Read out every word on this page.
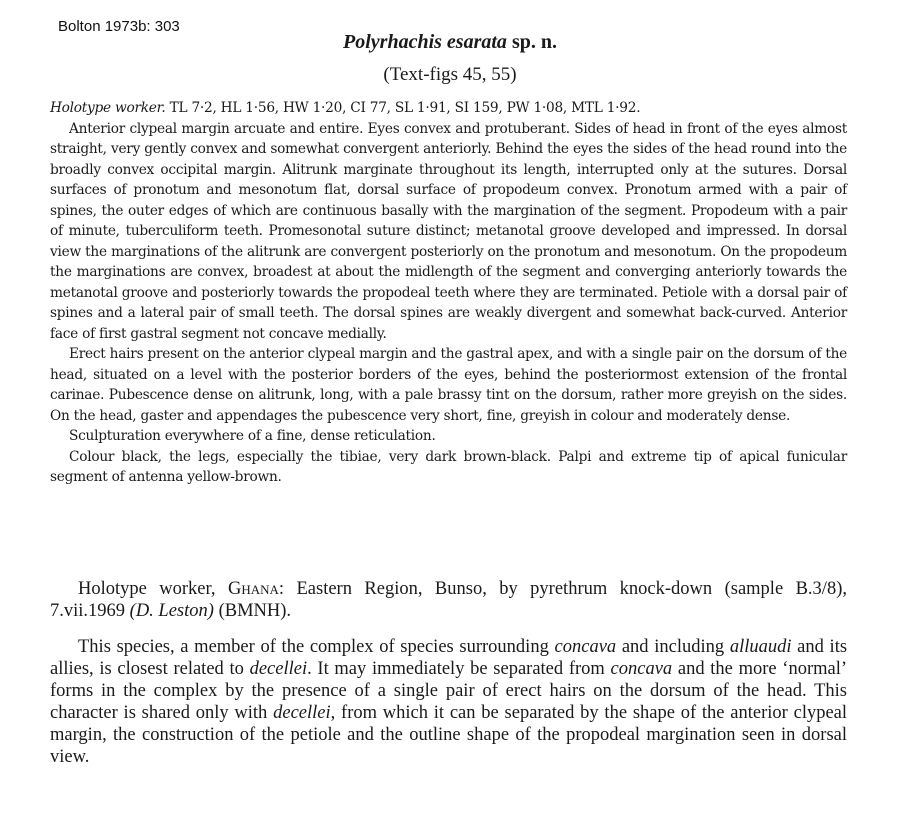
Bolton 1973b: 303
Polyrhachis esarata sp. n.
(Text-figs 45, 55)

Holotype worker. TL 7·2, HL 1·56, HW 1·20, CI 77, SL 1·91, SI 159, PW 1·08, MTL 1·92.

Anterior clypeal margin arcuate and entire. Eyes convex and protuberant. Sides of head in front of the eyes almost straight, very gently convex and somewhat convergent anteriorly. Behind the eyes the sides of the head round into the broadly convex occipital margin. Alitrunk marginate throughout its length, interrupted only at the sutures. Dorsal surfaces of pronotum and mesonotum flat, dorsal surface of propodeum convex. Pronotum armed with a pair of spines, the outer edges of which are continuous basally with the margination of the segment. Propodeum with a pair of minute, tuberculiform teeth. Promesonotal suture distinct; metanotal groove developed and impressed. In dorsal view the marginations of the alitrunk are convergent posteriorly on the pronotum and mesonotum. On the propodeum the marginations are convex, broadest at about the midlength of the segment and converging anteriorly towards the metanotal groove and posteriorly towards the propodeal teeth where they are terminated. Petiole with a dorsal pair of spines and a lateral pair of small teeth. The dorsal spines are weakly divergent and somewhat back-curved. Anterior face of first gastral segment not concave medially.

Erect hairs present on the anterior clypeal margin and the gastral apex, and with a single pair on the dorsum of the head, situated on a level with the posterior borders of the eyes, behind the posteriormost extension of the frontal carinae. Pubescence dense on alitrunk, long, with a pale brassy tint on the dorsum, rather more greyish on the sides. On the head, gaster and appendages the pubescence very short, fine, greyish in colour and moderately dense.

Sculpturation everywhere of a fine, dense reticulation.

Colour black, the legs, especially the tibiae, very dark brown-black. Palpi and extreme tip of apical funicular segment of antenna yellow-brown.

Holotype worker, Ghana: Eastern Region, Bunso, by pyrethrum knock-down (sample B.3/8), 7.vii.1969 (D. Leston) (BMNH).

This species, a member of the complex of species surrounding concava and including alluaudi and its allies, is closest related to decellei. It may immediately be separated from concava and the more ‘normal’ forms in the complex by the presence of a single pair of erect hairs on the dorsum of the head. This character is shared only with decellei, from which it can be separated by the shape of the anterior clypeal margin, the construction of the petiole and the outline shape of the propodeal margination seen in dorsal view.
